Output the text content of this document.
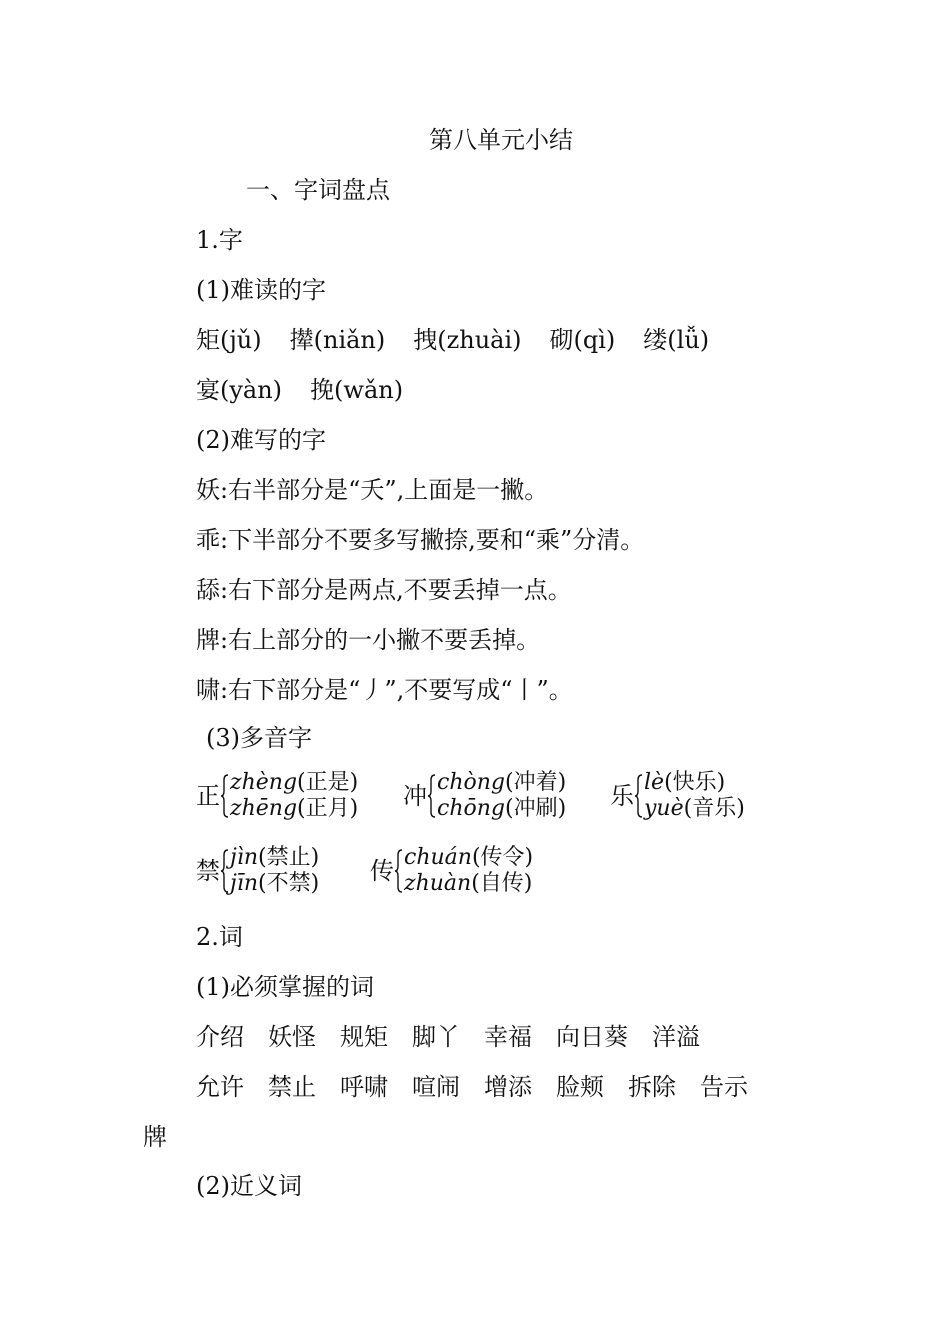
第八单元小结
一、字词盘点
1.字
(1)难读的字
矩(jǔ) 撵(niǎn) 拽(zhuài) 砌(qì) 缕(lǚ)
宴(yàn) 挽(wǎn)
(2)难写的字
妖:右半部分是“夭”,上面是一撇。
乖:下半部分不要多写撇捺,要和“乘”分清。
舔:右下部分是两点,不要丢掉一点。
牌:右上部分的一小撇不要丢掉。
啸:右下部分是“丿”,不要写成“丨”。
(3)多音字
正 zhèng(正是)
zhēng(正月) 冲 chòng(冲着)
chōng(冲刷) 乐 lè(快乐)
yuè(音乐)
禁 jìn(禁止)
jīn(不禁) 传 chuán(传令)
zhuàn(自传)
2.词
(1)必须掌握的词
介绍 妖怪 规矩 脚丫 幸福 向日葵 洋溢
允许 禁止 呼啸 喧闹 增添 脸颊 拆除 告示
牌
(2)近义词
